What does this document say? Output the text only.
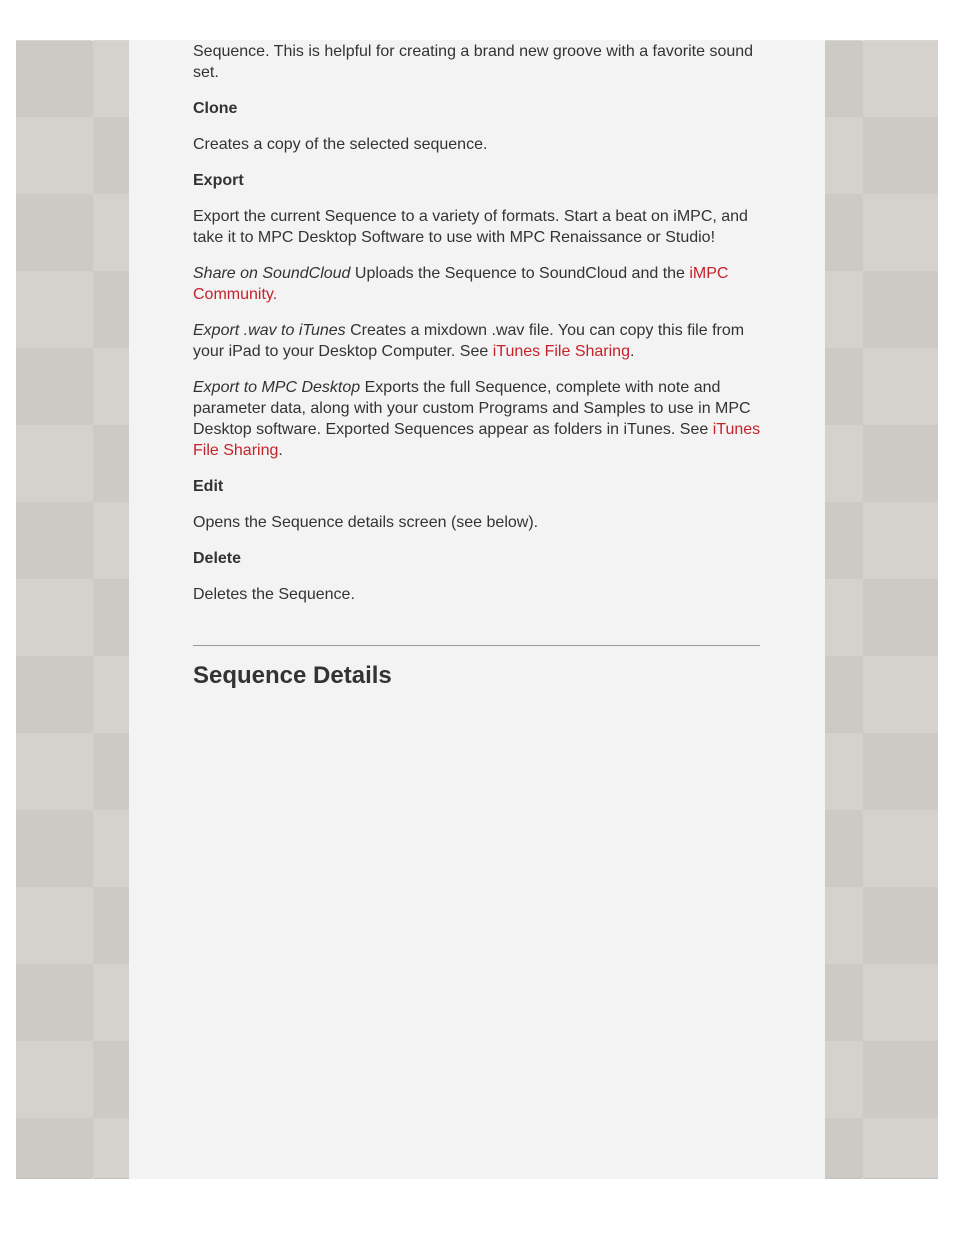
Sequence. This is helpful for creating a brand new groove with a favorite sound set.

Clone

Creates a copy of the selected sequence.

Export

Export the current Sequence to a variety of formats. Start a beat on iMPC, and take it to MPC Desktop Software to use with MPC Renaissance or Studio!

Share on SoundCloud Uploads the Sequence to SoundCloud and the iMPC Community.

Export .wav to iTunes Creates a mixdown .wav file. You can copy this file from your iPad to your Desktop Computer. See iTunes File Sharing.

Export to MPC Desktop Exports the full Sequence, complete with note and parameter data, along with your custom Programs and Samples to use in MPC Desktop software. Exported Sequences appear as folders in iTunes. See iTunes File Sharing.

Edit

Opens the Sequence details screen (see below).

Delete

Deletes the Sequence.

Sequence Details
